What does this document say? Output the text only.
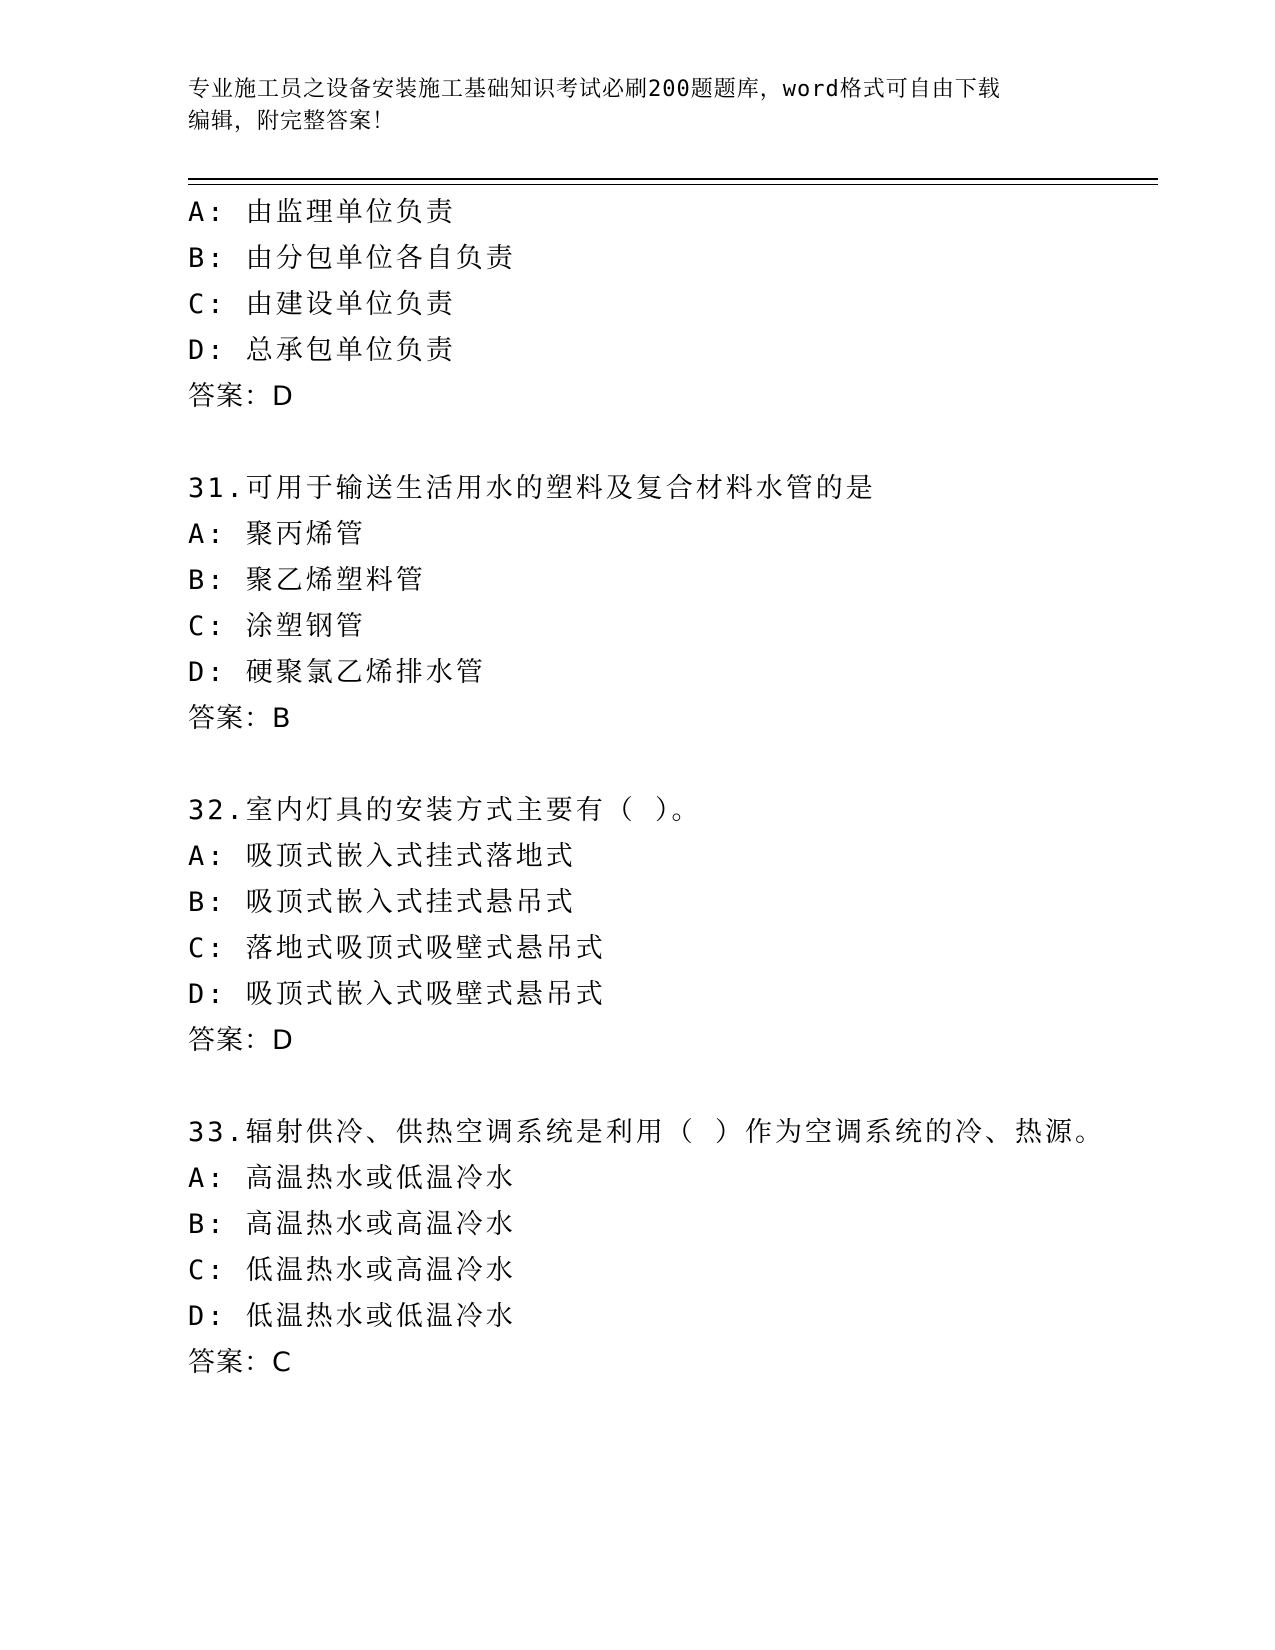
专业施工员之设备安装施工基础知识考试必刷200题题库，word格式可自由下载
编辑，附完整答案！
A: 由监理单位负责
B: 由分包单位各自负责
C: 由建设单位负责
D: 总承包单位负责
答案：D
31.可用于输送生活用水的塑料及复合材料水管的是
A: 聚丙烯管
B: 聚乙烯塑料管
C: 涂塑钢管
D: 硬聚氯乙烯排水管
答案：B
32.室内灯具的安装方式主要有（ ）。
A: 吸顶式嵌入式挂式落地式
B: 吸顶式嵌入式挂式悬吊式
C: 落地式吸顶式吸壁式悬吊式
D: 吸顶式嵌入式吸壁式悬吊式
答案：D
33.辐射供冷、供热空调系统是利用（ ）作为空调系统的冷、热源。
A: 高温热水或低温冷水
B: 高温热水或高温冷水
C: 低温热水或高温冷水
D: 低温热水或低温冷水
答案：C
